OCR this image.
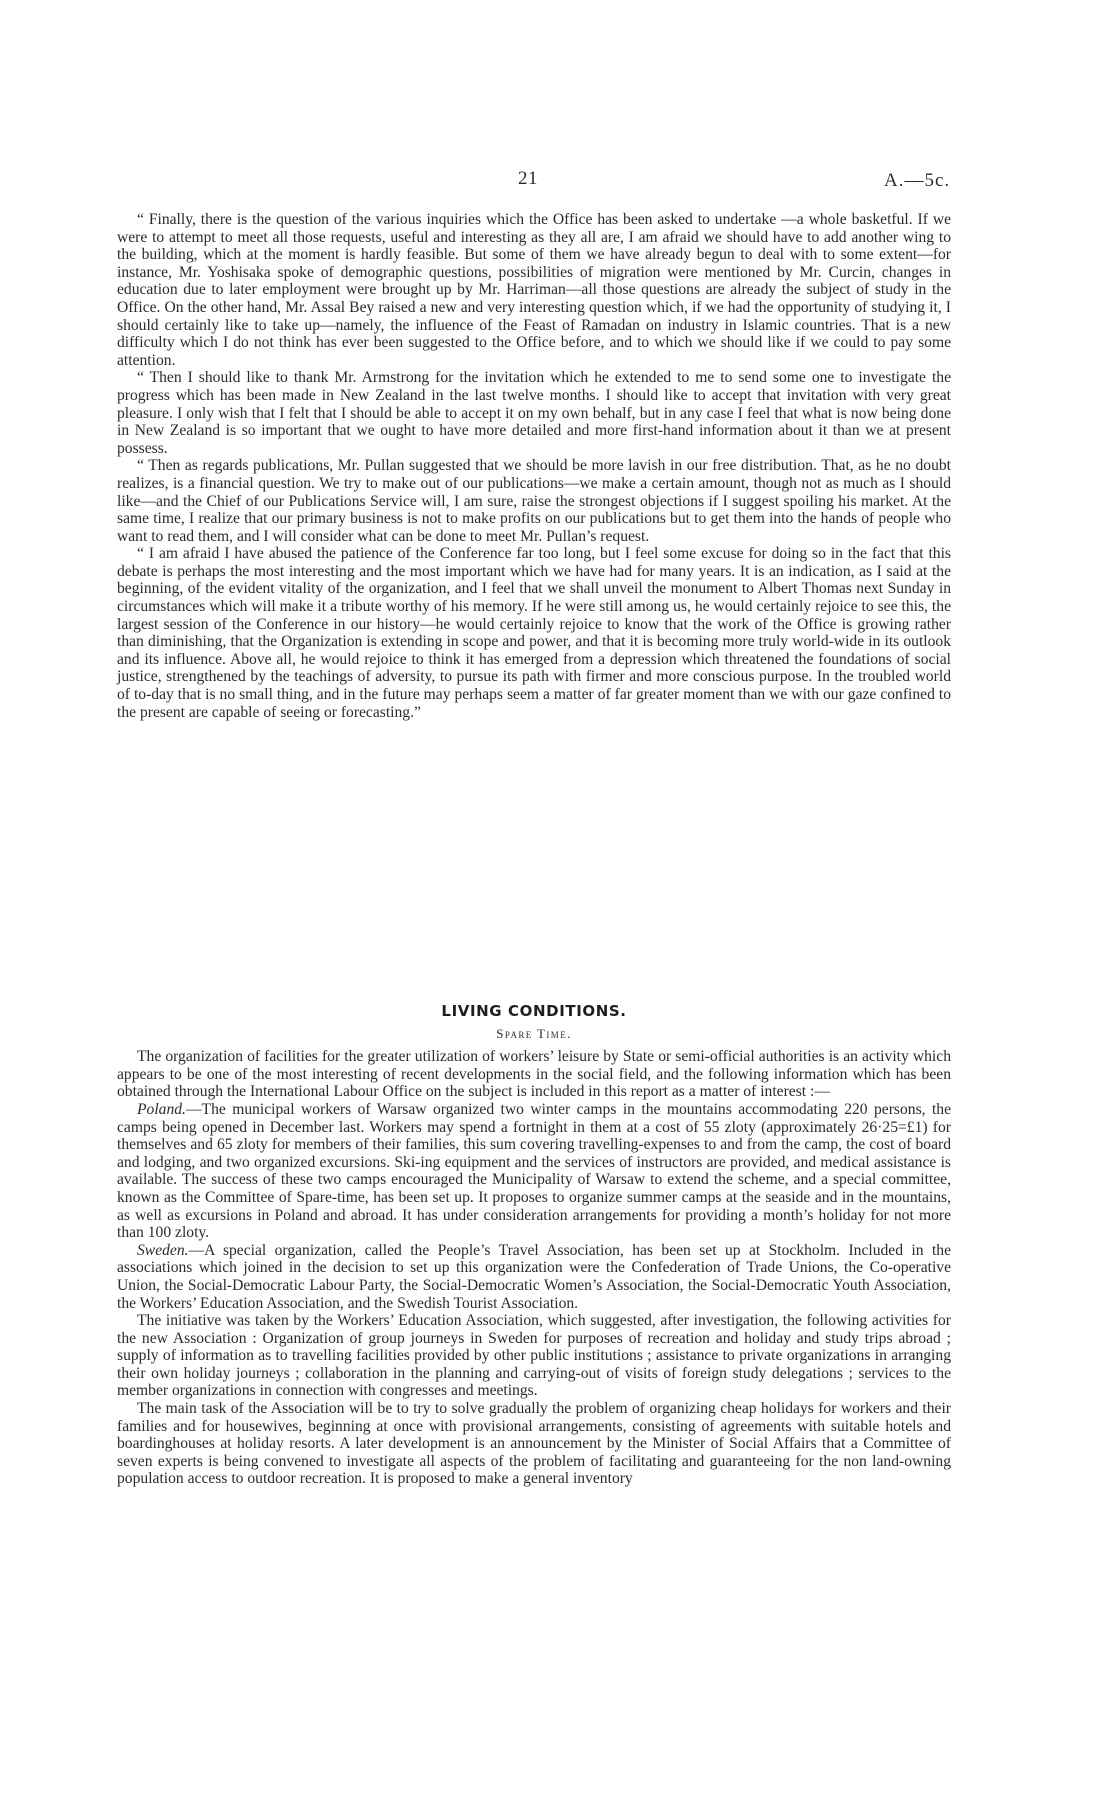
21	A.—5c.

“ Finally, there is the question of the various inquiries which the Office has been asked to undertake —a whole basketful. If we were to attempt to meet all those requests, useful and interesting as they all are, I am afraid we should have to add another wing to the building, which at the moment is hardly feasible. But some of them we have already begun to deal with to some extent—for instance, Mr. Yoshisaka spoke of demographic questions, possibilities of migration were mentioned by Mr. Curcin, changes in education due to later employment were brought up by Mr. Harriman—all those questions are already the subject of study in the Office. On the other hand, Mr. Assal Bey raised a new and very interesting question which, if we had the opportunity of studying it, I should certainly like to take up—namely, the influence of the Feast of Ramadan on industry in Islamic countries. That is a new difficulty which I do not think has ever been suggested to the Office before, and to which we should like if we could to pay some attention.

“ Then I should like to thank Mr. Armstrong for the invitation which he extended to me to send some one to investigate the progress which has been made in New Zealand in the last twelve months. I should like to accept that invitation with very great pleasure. I only wish that I felt that I should be able to accept it on my own behalf, but in any case I feel that what is now being done in New Zealand is so important that we ought to have more detailed and more first-hand information about it than we at present possess.

“ Then as regards publications, Mr. Pullan suggested that we should be more lavish in our free distribution. That, as he no doubt realizes, is a financial question. We try to make out of our publications—we make a certain amount, though not as much as I should like—and the Chief of our Publications Service will, I am sure, raise the strongest objections if I suggest spoiling his market. At the same time, I realize that our primary business is not to make profits on our publications but to get them into the hands of people who want to read them, and I will consider what can be done to meet Mr. Pullan’s request.

“ I am afraid I have abused the patience of the Conference far too long, but I feel some excuse for doing so in the fact that this debate is perhaps the most interesting and the most important which we have had for many years. It is an indication, as I said at the beginning, of the evident vitality of the organization, and I feel that we shall unveil the monument to Albert Thomas next Sunday in circumstances which will make it a tribute worthy of his memory. If he were still among us, he would certainly rejoice to see this, the largest session of the Conference in our history—he would certainly rejoice to know that the work of the Office is growing rather than diminishing, that the Organization is extending in scope and power, and that it is becoming more truly world-wide in its outlook and its influence. Above all, he would rejoice to think it has emerged from a depression which threatened the foundations of social justice, strengthened by the teachings of adversity, to pursue its path with firmer and more conscious purpose. In the troubled world of to-day that is no small thing, and in the future may perhaps seem a matter of far greater moment than we with our gaze confined to the present are capable of seeing or forecasting.”

LIVING CONDITIONS.

Spare Time.

The organization of facilities for the greater utilization of workers’ leisure by State or semi-official authorities is an activity which appears to be one of the most interesting of recent developments in the social field, and the following information which has been obtained through the International Labour Office on the subject is included in this report as a matter of interest :—

Poland.—The municipal workers of Warsaw organized two winter camps in the mountains accommodating 220 persons, the camps being opened in December last. Workers may spend a fortnight in them at a cost of 55 zloty (approximately 26·25=£1) for themselves and 65 zloty for members of their families, this sum covering travelling-expenses to and from the camp, the cost of board and lodging, and two organized excursions. Ski-ing equipment and the services of instructors are provided, and medical assistance is available. The success of these two camps encouraged the Municipality of Warsaw to extend the scheme, and a special committee, known as the Committee of Spare-time, has been set up. It proposes to organize summer camps at the seaside and in the mountains, as well as excursions in Poland and abroad. It has under consideration arrangements for providing a month’s holiday for not more than 100 zloty.

Sweden.—A special organization, called the People’s Travel Association, has been set up at Stockholm. Included in the associations which joined in the decision to set up this organization were the Confederation of Trade Unions, the Co-operative Union, the Social-Democratic Labour Party, the Social-Democratic Women’s Association, the Social-Democratic Youth Association, the Workers’ Education Association, and the Swedish Tourist Association.

The initiative was taken by the Workers’ Education Association, which suggested, after investigation, the following activities for the new Association : Organization of group journeys in Sweden for purposes of recreation and holiday and study trips abroad ; supply of information as to travelling facilities provided by other public institutions ; assistance to private organizations in arranging their own holiday journeys ; collaboration in the planning and carrying-out of visits of foreign study delegations ; services to the member organizations in connection with congresses and meetings.

The main task of the Association will be to try to solve gradually the problem of organizing cheap holidays for workers and their families and for housewives, beginning at once with provisional arrangements, consisting of agreements with suitable hotels and boardinghouses at holiday resorts. A later development is an announcement by the Minister of Social Affairs that a Committee of seven experts is being convened to investigate all aspects of the problem of facilitating and guaranteeing for the non land-owning population access to outdoor recreation. It is proposed to make a general inventory
